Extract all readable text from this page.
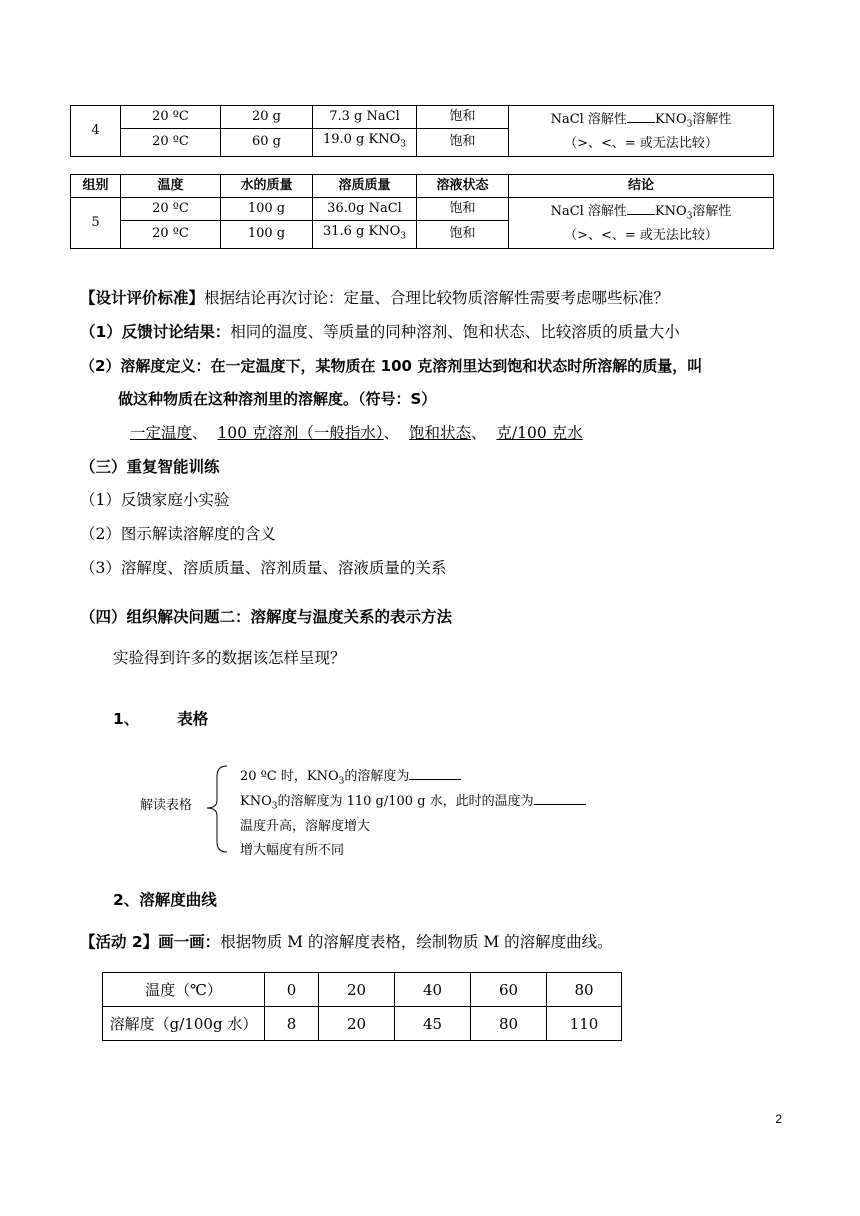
4	20 ºC	20 g	7.3 g NaCl	饱和	NaCl 溶解性 $KNO_3$溶解性
（>、<、= 或无法比较）

	20 ºC	60 g	19.0 g $KNO_3$	饱和	
组别	温度	水的质量	溶质质量	溶液状态	结论
5	20 ºC	100 g	36.0g NaCl	饱和	NaCl 溶解性 $KNO_3$溶解性
（>、<、= 或无法比较）

	20 ºC	100 g	31.6 g $KNO_3$	饱和	
【设计评价标准】根据结论再次讨论：定量、合理比较物质溶解性需要考虑哪些标准？
（1）反馈讨论结果：相同的温度、等质量的同种溶剂、饱和状态、比较溶质的质量大小
（2）溶解度定义：在一定温度下，某物质在 100 克溶剂里达到饱和状态时所溶解的质量，叫
做这种物质在这种溶剂里的溶解度。（符号：S）
一定温度、 100 克溶剂（一般指水）、 饱和状态、 克/100 克水
（三）重复智能训练
（1）反馈家庭小实验
（2）图示解读溶解度的含义
（3）溶解度、溶质质量、溶剂质量、溶液质量的关系
（四）组织解决问题二：溶解度与温度关系的表示方法
实验得到许多的数据该怎样呈现？
1、 表格
解读表格
20 ºC 时，$KNO_3$的溶解度为
$KNO_3$的溶解度为 110 g/100 g 水，此时的温度为
温度升高，溶解度增大
增大幅度有所不同
2、溶解度曲线
【活动 2】画一画：根据物质 M 的溶解度表格，绘制物质 M 的溶解度曲线。
温度（℃）	0	20	40	60	80
溶解度（g/100g 水）	8	20	45	80	110
2
